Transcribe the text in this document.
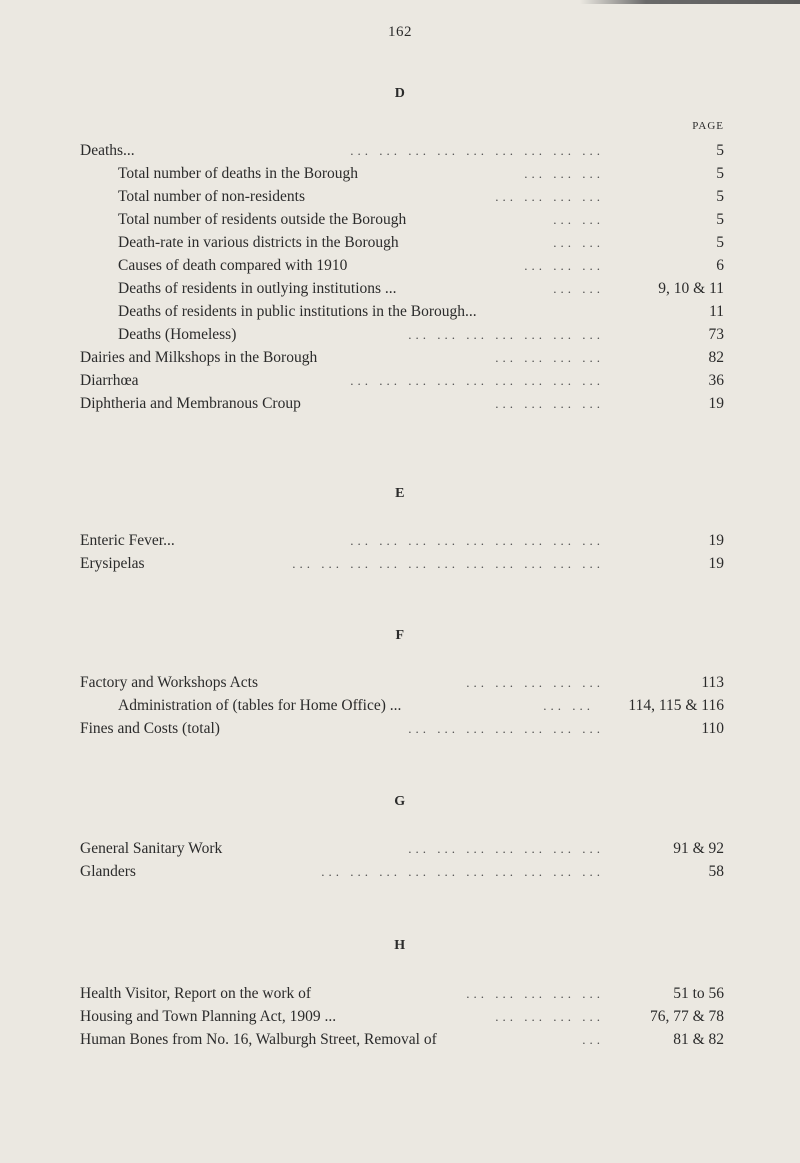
162
D
PAGE
Deaths...	... ... ... ... ... ... ... ... ...	5
Total number of deaths in the Borough	... ... ...	5
Total number of non-residents	... ... ... ...	5
Total number of residents outside the Borough	... ...	5
Death-rate in various districts in the Borough	... ...	5
Causes of death compared with 1910	... ... ...	6
Deaths of residents in outlying institutions ...	... ...	9, 10 & 11
Deaths of residents in public institutions in the Borough...	11
Deaths (Homeless)	... ... ... ... ... ... ...	73
Dairies and Milkshops in the Borough	... ... ... ...	82
Diarrhœa	... ... ... ... ... ... ... ... ...	36
Diphtheria and Membranous Croup	... ... ... ...	19
E
Enteric Fever...	... ... ... ... ... ... ... ... ...	19
Erysipelas	... ... ... ... ... ... ... ... ... ... ...	19
F
Factory and Workshops Acts	... ... ... ... ...	113
Administration of (tables for Home Office) ...	... ... 114, 115 & 116
Fines and Costs (total)	... ... ... ... ... ... ...	110
G
General Sanitary Work	... ... ... ... ... ... ...	91 & 92
Glanders	... ... ... ... ... ... ... ... ... ...	58
H
Health Visitor, Report on the work of	... ... ... ... ...	51 to 56
Housing and Town Planning Act, 1909 ...	... ... ... ...	76, 77 & 78
Human Bones from No. 16, Walburgh Street, Removal of	...	81 & 82
